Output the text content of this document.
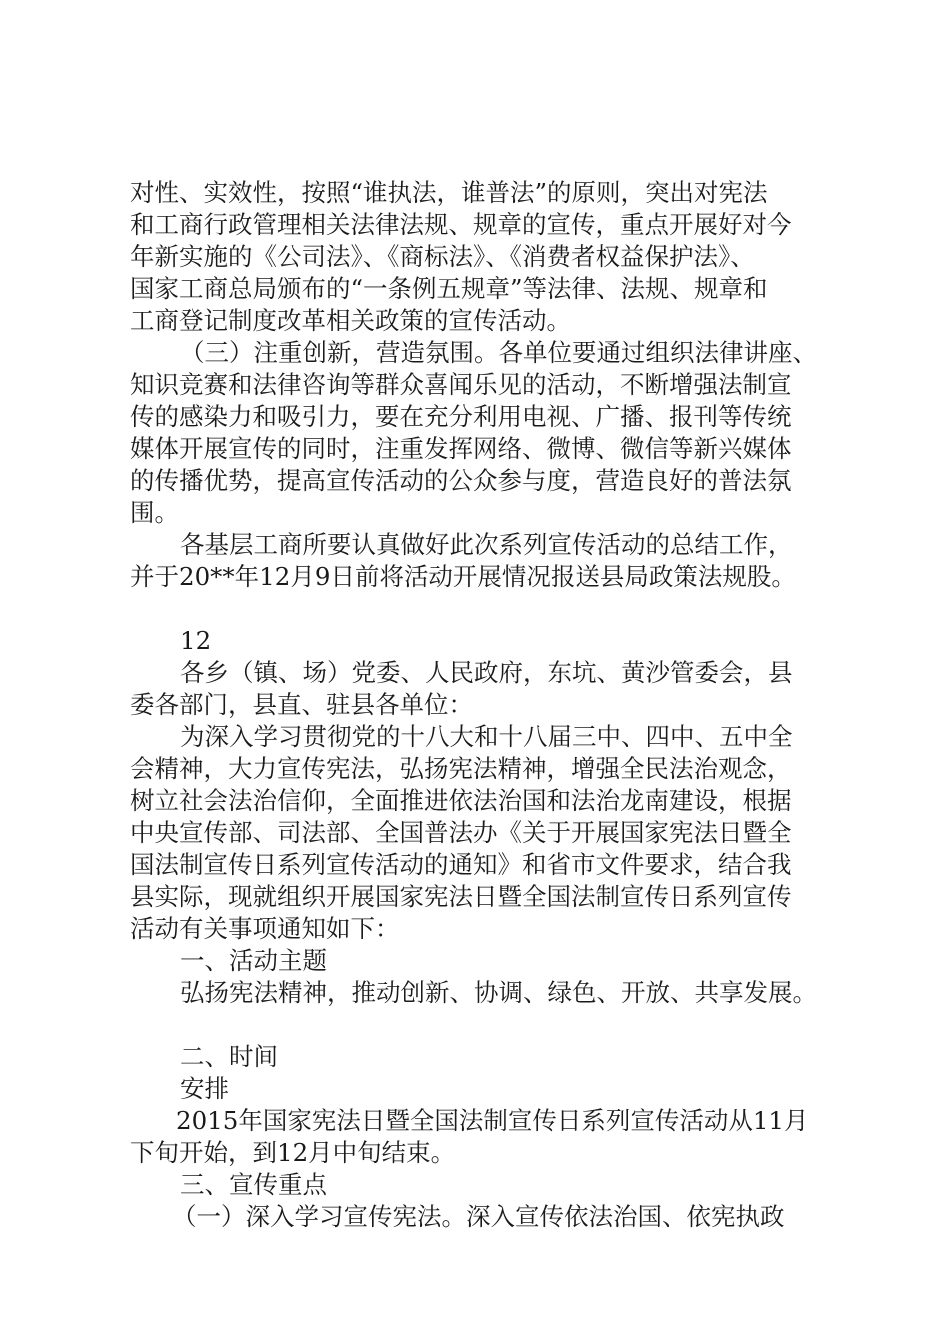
对性、实效性，按照“谁执法，谁普法”的原则，突出对宪法
和工商行政管理相关法律法规、规章的宣传，重点开展好对今
年新实施的《公司法》、《商标法》、《消费者权益保护法》、
国家工商总局颁布的“一条例五规章”等法律、法规、规章和
工商登记制度改革相关政策的宣传活动。
（三）注重创新，营造氛围。各单位要通过组织法律讲座、
知识竞赛和法律咨询等群众喜闻乐见的活动，不断增强法制宣
传的感染力和吸引力，要在充分利用电视、广播、报刊等传统
媒体开展宣传的同时，注重发挥网络、微博、微信等新兴媒体
的传播优势，提高宣传活动的公众参与度，营造良好的普法氛
围。
各基层工商所要认真做好此次系列宣传活动的总结工作，
并于20**年12月9日前将活动开展情况报送县局政策法规股。
12
各乡（镇、场）党委、人民政府，东坑、黄沙管委会，县
委各部门，县直、驻县各单位：
为深入学习贯彻党的十八大和十八届三中、四中、五中全
会精神，大力宣传宪法，弘扬宪法精神，增强全民法治观念，
树立社会法治信仰，全面推进依法治国和法治龙南建设，根据
中央宣传部、司法部、全国普法办《关于开展国家宪法日暨全
国法制宣传日系列宣传活动的通知》和省市文件要求，结合我
县实际，现就组织开展国家宪法日暨全国法制宣传日系列宣传
活动有关事项通知如下：
一、活动主题
弘扬宪法精神，推动创新、协调、绿色、开放、共享发展。
二、时间
安排
2015年国家宪法日暨全国法制宣传日系列宣传活动从11月
下旬开始，到12月中旬结束。
三、宣传重点
（一）深入学习宣传宪法。深入宣传依法治国、依宪执政
